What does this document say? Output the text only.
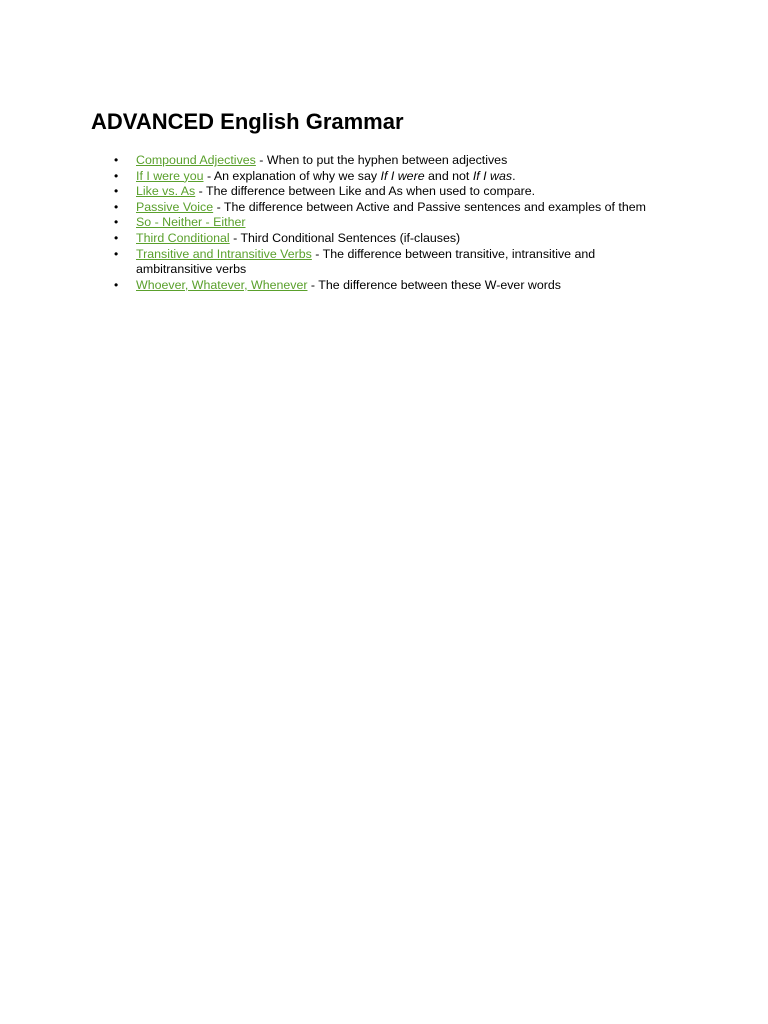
ADVANCED English Grammar
• Compound Adjectives - When to put the hyphen between adjectives
• If I were you - An explanation of why we say If I were and not If I was.
• Like vs. As - The difference between Like and As when used to compare.
• Passive Voice - The difference between Active and Passive sentences and examples of them
• So - Neither - Either
• Third Conditional - Third Conditional Sentences (if-clauses)
• Transitive and Intransitive Verbs - The difference between transitive, intransitive and ambitransitive verbs
• Whoever, Whatever, Whenever - The difference between these W-ever words
